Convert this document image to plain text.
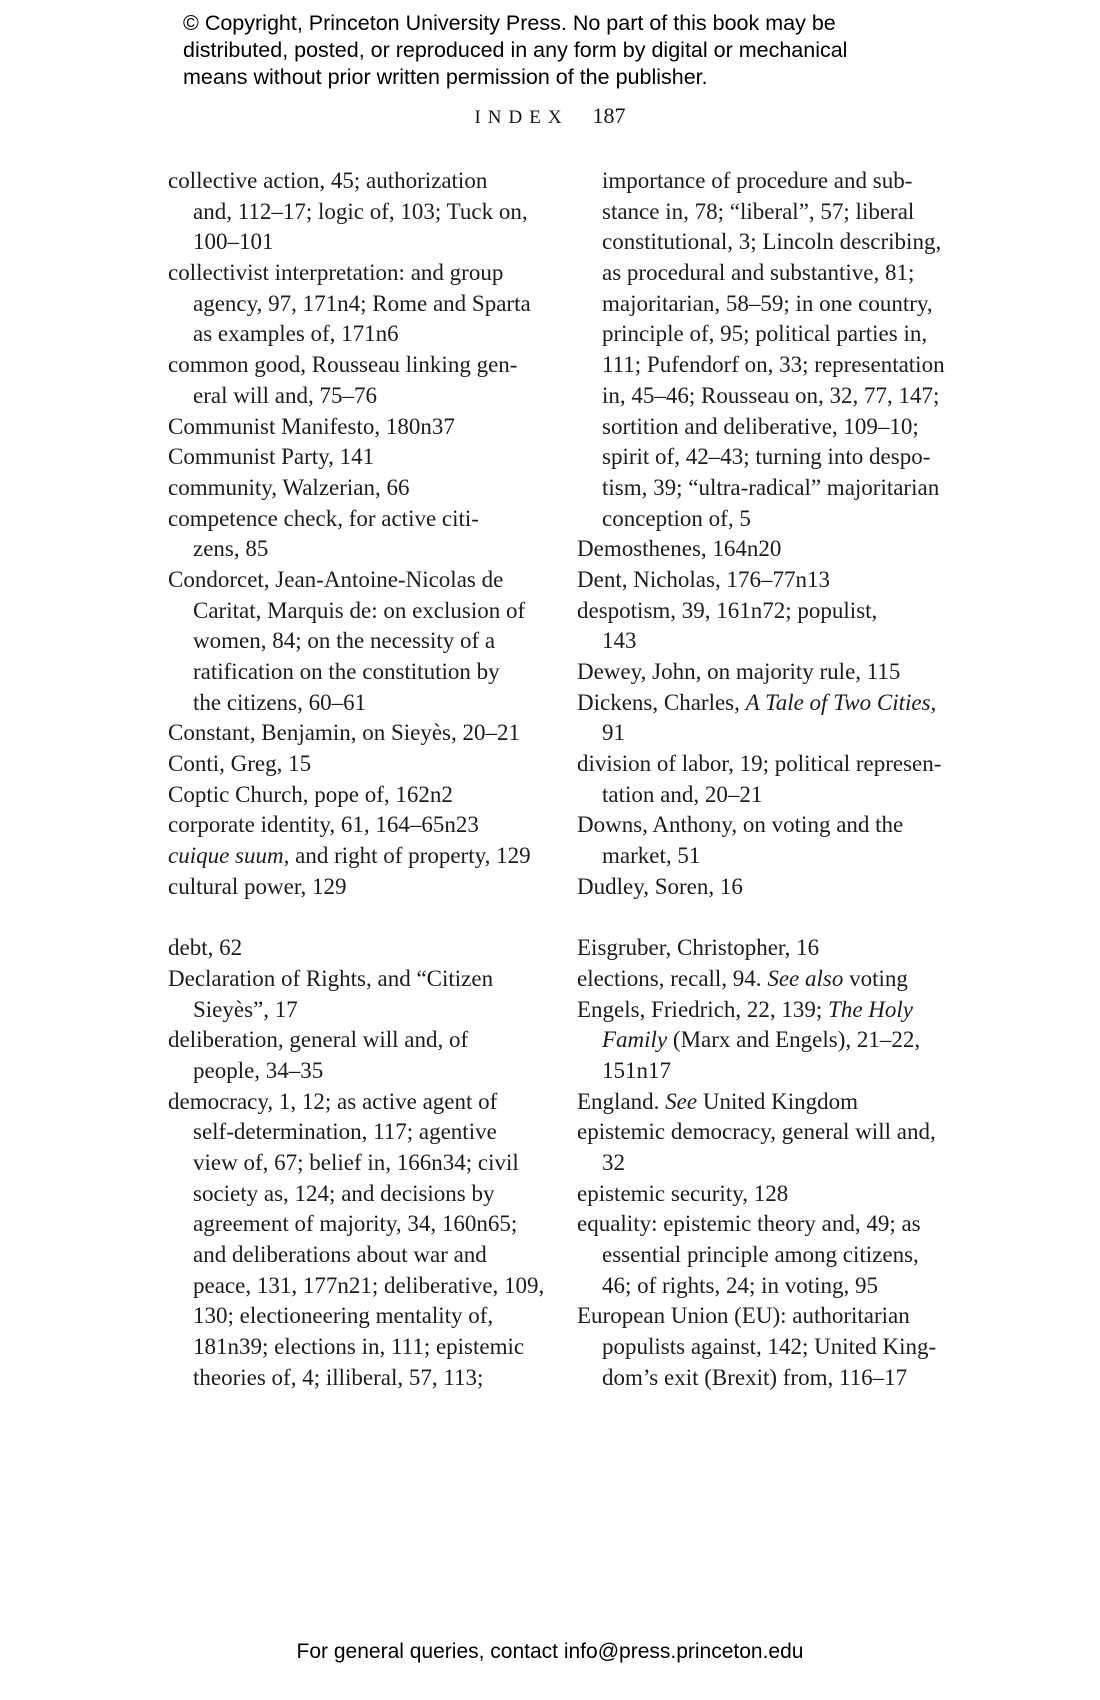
© Copyright, Princeton University Press. No part of this book may be
distributed, posted, or reproduced in any form by digital or mechanical
means without prior written permission of the publisher.
INDEX 187
collective action, 45; authorization
and, 112–17; logic of, 103; Tuck on,
100–101
collectivist interpretation: and group
agency, 97, 171n4; Rome and Sparta
as examples of, 171n6
common good, Rousseau linking gen-
eral will and, 75–76
Communist Manifesto, 180n37
Communist Party, 141
community, Walzerian, 66
competence check, for active citi-
zens, 85
Condorcet, Jean-Antoine-Nicolas de
Caritat, Marquis de: on exclusion of
women, 84; on the necessity of a
ratification on the constitution by
the citizens, 60–61
Constant, Benjamin, on Sieyès, 20–21
Conti, Greg, 15
Coptic Church, pope of, 162n2
corporate identity, 61, 164–65n23
cuique suum, and right of property, 129
cultural power, 129
debt, 62
Declaration of Rights, and “Citizen
Sieyès”, 17
deliberation, general will and, of
people, 34–35
democracy, 1, 12; as active agent of
self-determination, 117; agentive
view of, 67; belief in, 166n34; civil
society as, 124; and decisions by
agreement of majority, 34, 160n65;
and deliberations about war and
peace, 131, 177n21; deliberative, 109,
130; electioneering mentality of,
181n39; elections in, 111; epistemic
theories of, 4; illiberal, 57, 113;
importance of procedure and sub-
stance in, 78; “liberal”, 57; liberal
constitutional, 3; Lincoln describing,
as procedural and substantive, 81;
majoritarian, 58–59; in one country,
principle of, 95; political parties in,
111; Pufendorf on, 33; representation
in, 45–46; Rousseau on, 32, 77, 147;
sortition and deliberative, 109–10;
spirit of, 42–43; turning into despo-
tism, 39; “ultra-radical” majoritarian
conception of, 5
Demosthenes, 164n20
Dent, Nicholas, 176–77n13
despotism, 39, 161n72; populist,
143
Dewey, John, on majority rule, 115
Dickens, Charles, A Tale of Two Cities,
91
division of labor, 19; political represen-
tation and, 20–21
Downs, Anthony, on voting and the
market, 51
Dudley, Soren, 16
Eisgruber, Christopher, 16
elections, recall, 94. See also voting
Engels, Friedrich, 22, 139; The Holy
Family (Marx and Engels), 21–22,
151n17
England. See United Kingdom
epistemic democracy, general will and,
32
epistemic security, 128
equality: epistemic theory and, 49; as
essential principle among citizens,
46; of rights, 24; in voting, 95
European Union (EU): authoritarian
populists against, 142; United King-
dom’s exit (Brexit) from, 116–17
For general queries, contact info@press.princeton.edu
